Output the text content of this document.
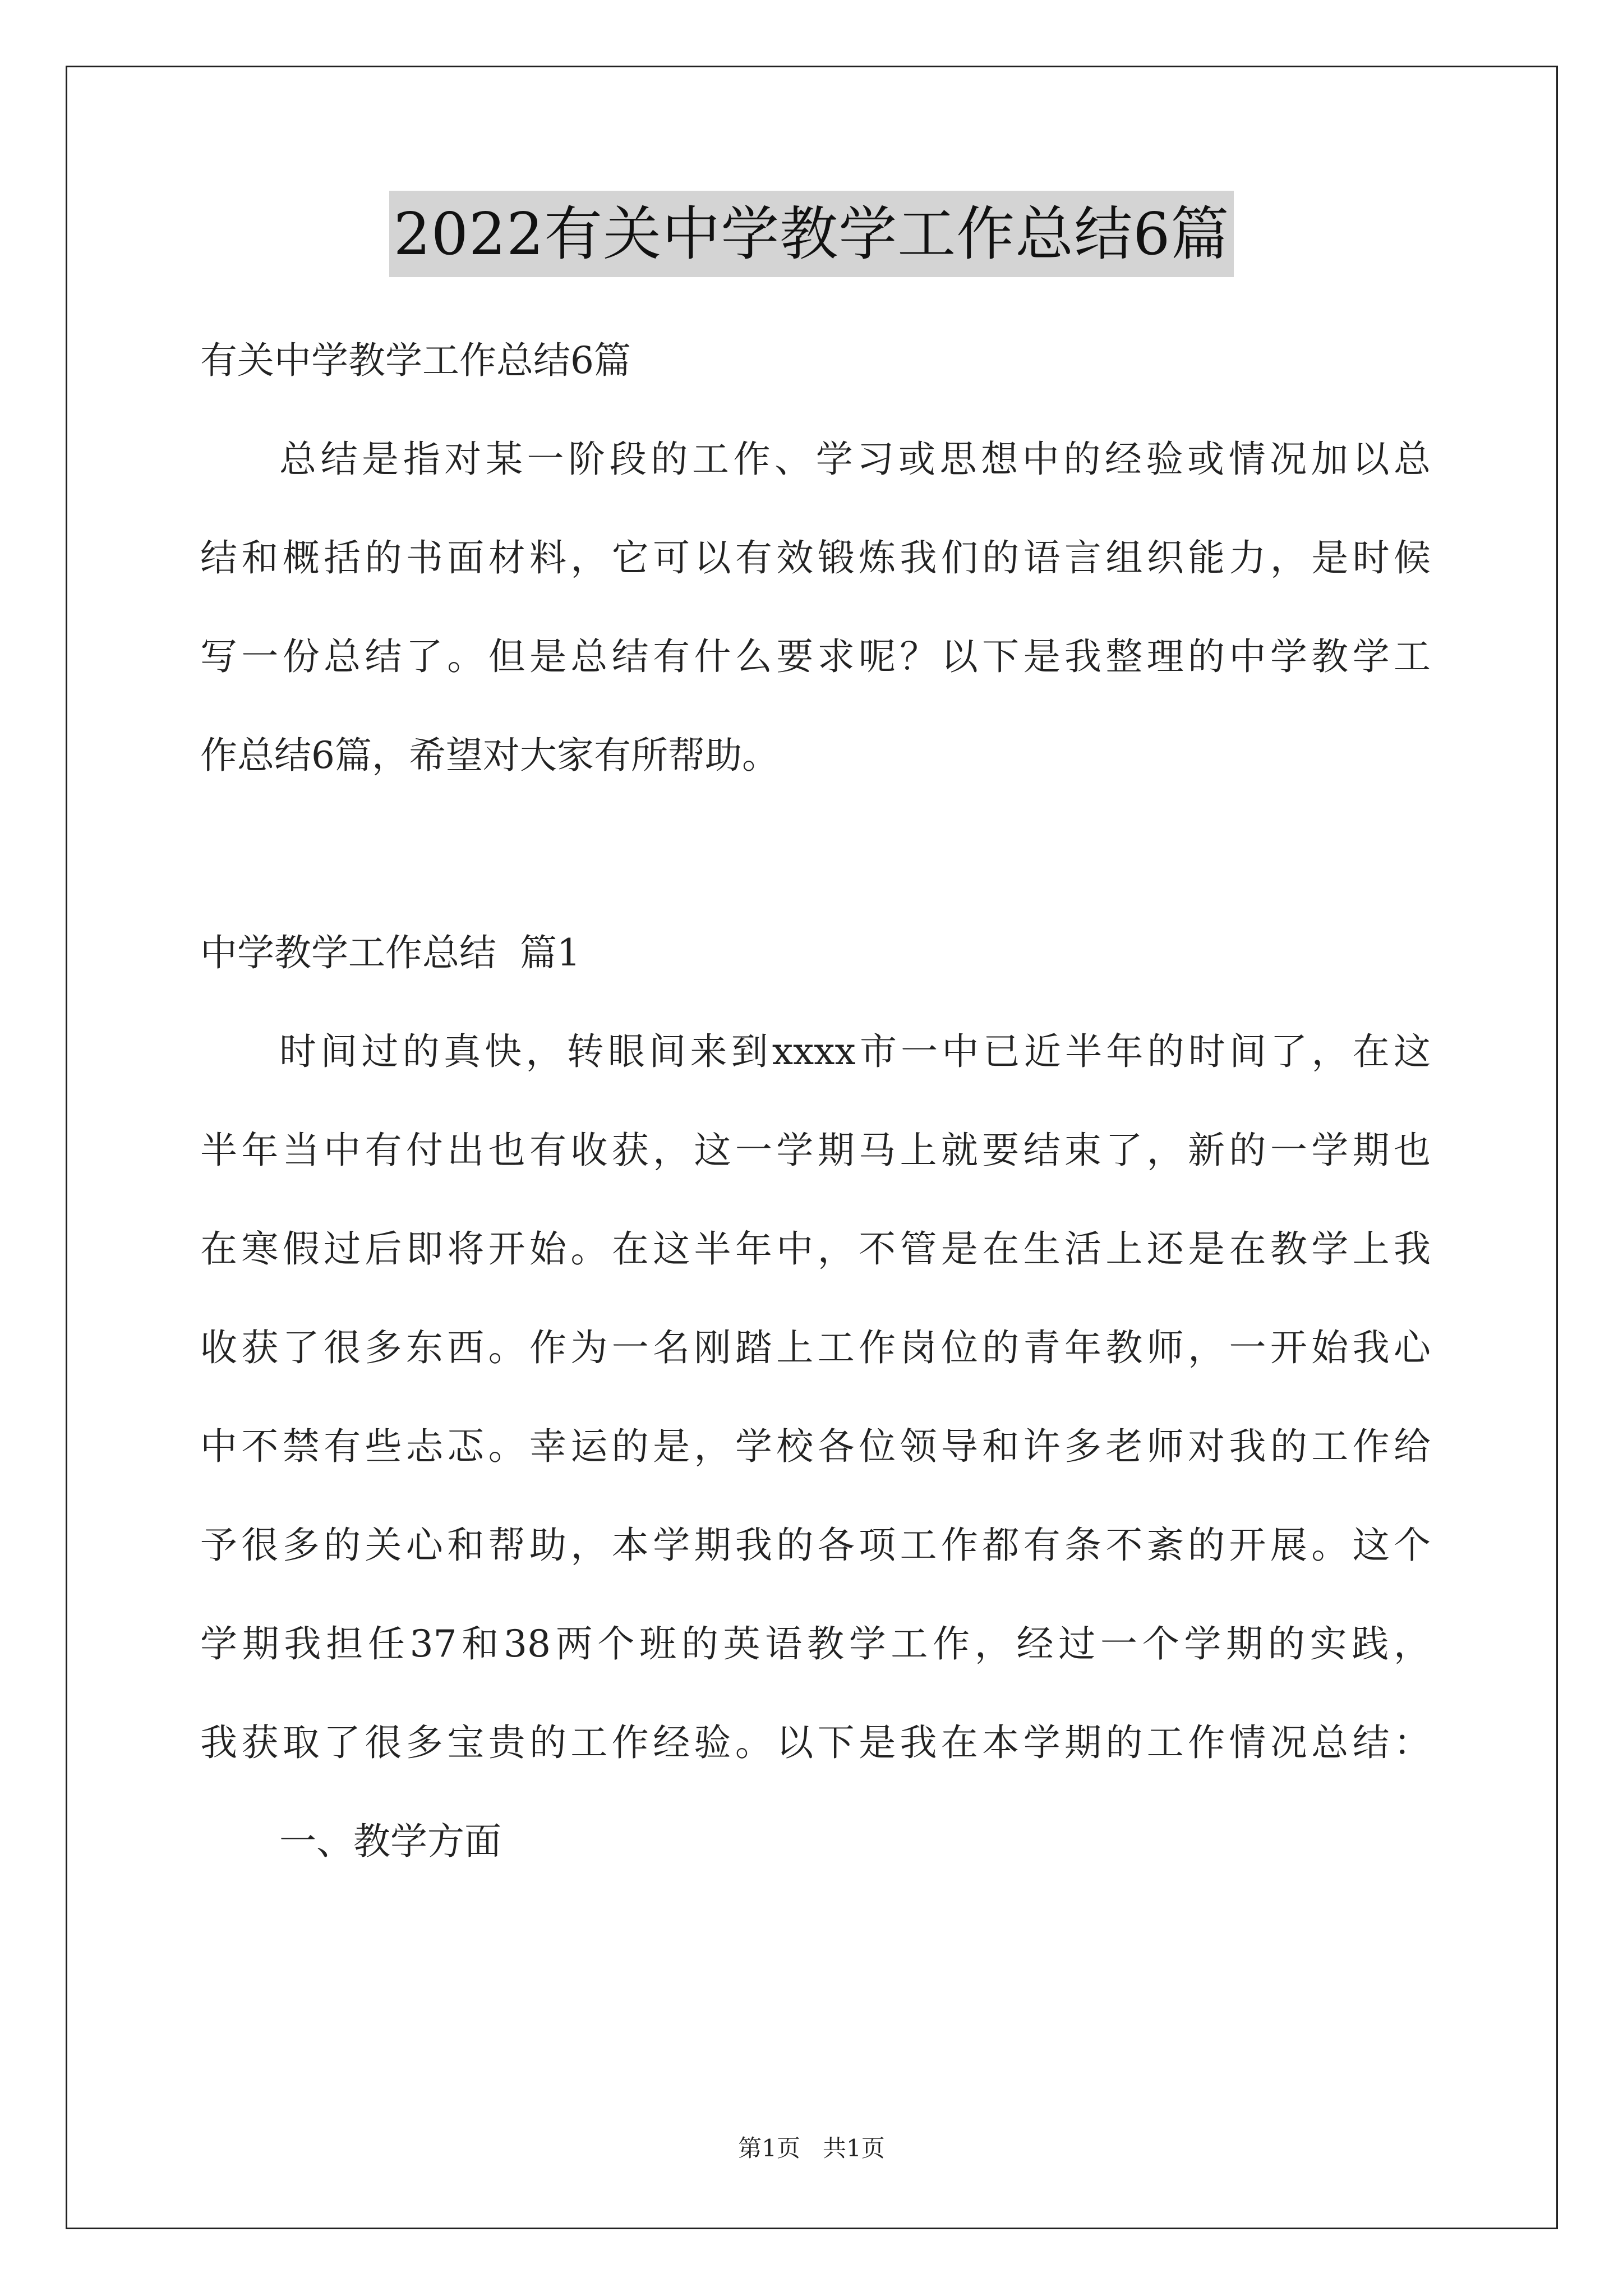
2022有关中学教学工作总结6篇
有关中学教学工作总结6篇
总结是指对某一阶段的工作、学习或思想中的经验或情况加以总
结和概括的书面材料，它可以有效锻炼我们的语言组织能力，是时候
写一份总结了。但是总结有什么要求呢？以下是我整理的中学教学工
作总结6篇，希望对大家有所帮助。
中学教学工作总结  篇1
时间过的真快，转眼间来到xxxx市一中已近半年的时间了，在这
半年当中有付出也有收获，这一学期马上就要结束了，新的一学期也
在寒假过后即将开始。在这半年中，不管是在生活上还是在教学上我
收获了很多东西。作为一名刚踏上工作岗位的青年教师，一开始我心
中不禁有些忐忑。幸运的是，学校各位领导和许多老师对我的工作给
予很多的关心和帮助，本学期我的各项工作都有条不紊的开展。这个
学期我担任37和38两个班的英语教学工作，经过一个学期的实践，
我获取了很多宝贵的工作经验。以下是我在本学期的工作情况总结：
一、教学方面
第1页   共1页
